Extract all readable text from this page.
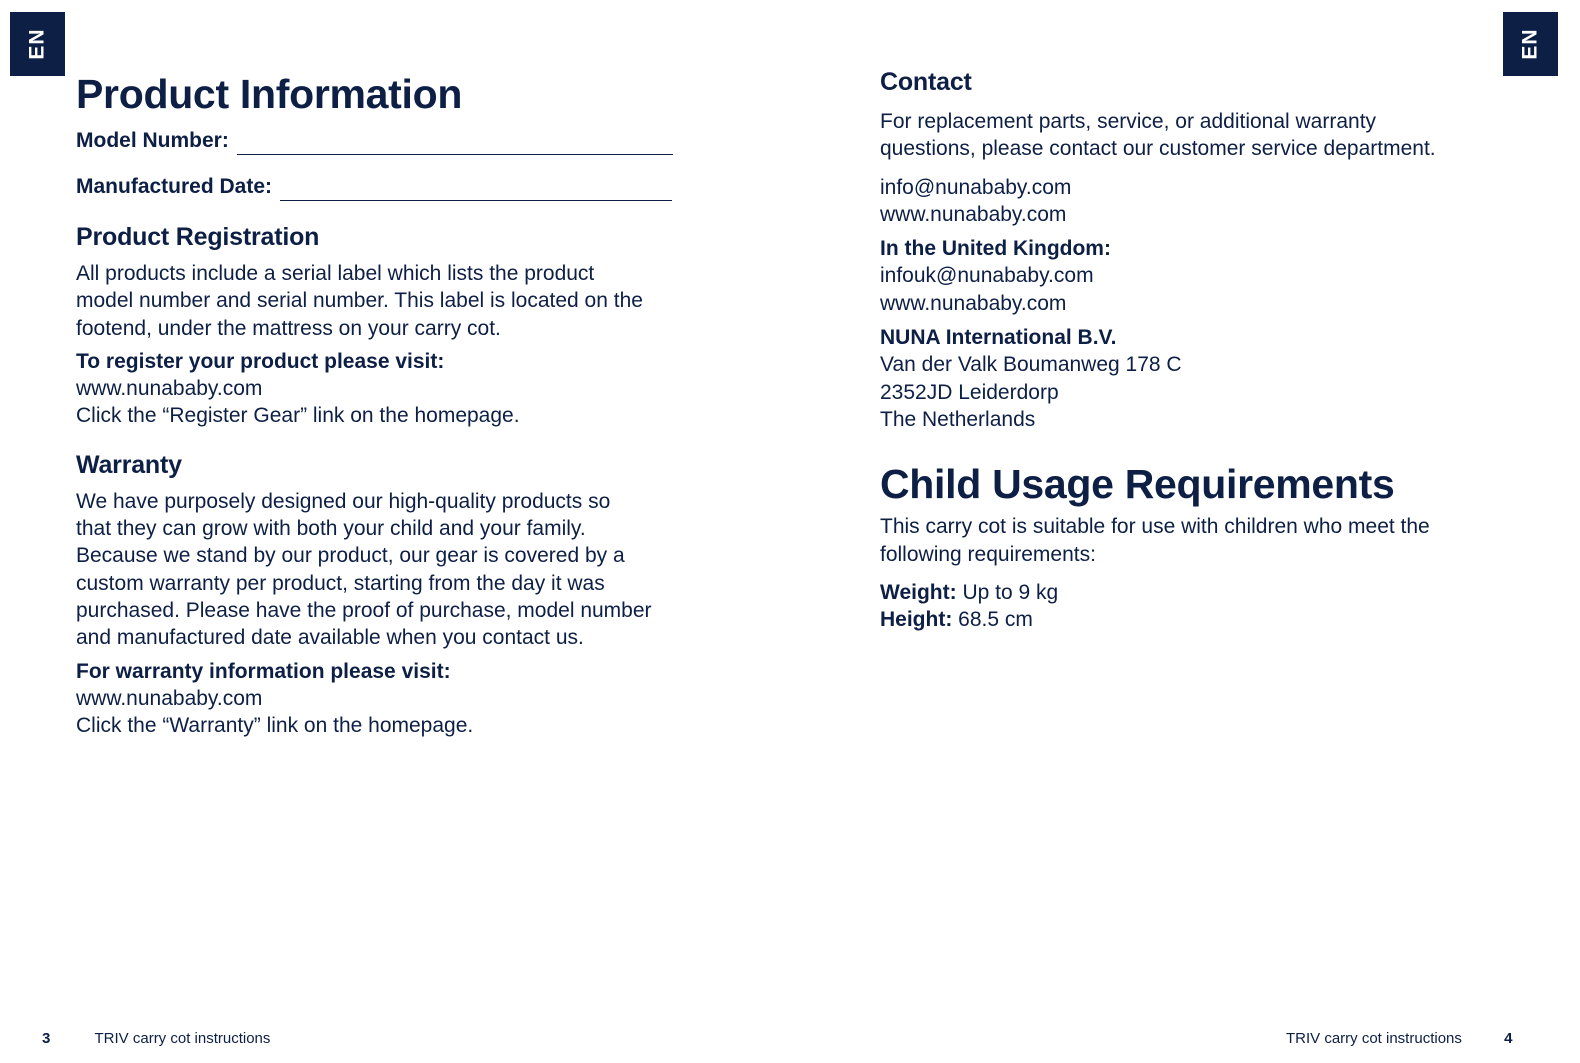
EN	EN
Product Information
Model Number:
Manufactured Date:
Product Registration

All products include a serial label which lists the product

model number and serial number. This label is located on the

footend, under the mattress on your carry cot.

To register your product please visit:

www.nunababy.com

Click the “Register Gear” link on the homepage.

Warranty

We have purposely designed our high-quality products so

that they can grow with both your child and your family.

Because we stand by our product, our gear is covered by a

custom warranty per product, starting from the day it was

purchased. Please have the proof of purchase, model number

and manufactured date available when you contact us.

For warranty information please visit:

www.nunababy.com

Click the “Warranty” link on the homepage.

Contact

For replacement parts, service, or additional warranty

questions, please contact our customer service department.

info@nunababy.com

www.nunababy.com

In the United Kingdom:

infouk@nunababy.com

www.nunababy.com

NUNA International B.V.

Van der Valk Boumanweg 178 C

2352JD Leiderdorp

The Netherlands

Child Usage Requirements

This carry cot is suitable for use with children who meet the

following requirements:

Weight: Up to 9 kg

Height: 68.5 cm

3	TRIV carry cot instructions	TRIV carry cot instructions	4
